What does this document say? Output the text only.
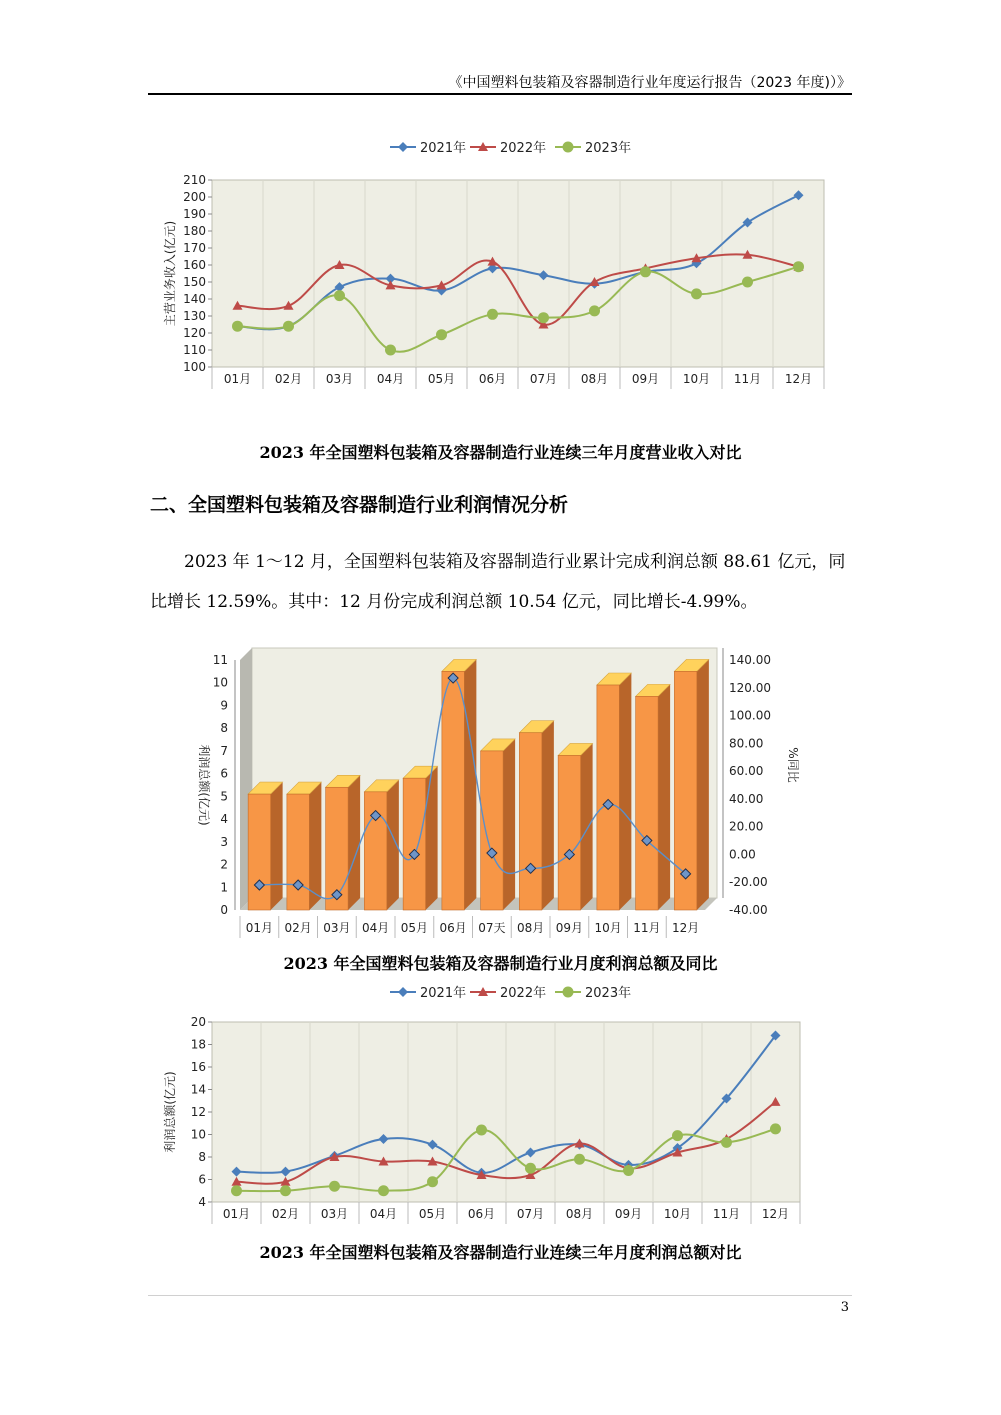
《中国塑料包装箱及容器制造行业年度运行报告（2023 年度)）》
100
110
120
130
140
150
160
170
180
190
200
210
01月 02月 03月 04月 05月 06月 07月 08月 09月 10月 11月 12月
主营业务收入(亿元)
2021年	2022年	2023年
2023 年全国塑料包装箱及容器制造行业连续三年月度营业收入对比
二、全国塑料包装箱及容器制造行业利润情况分析
2023 年 1～12 月，全国塑料包装箱及容器制造行业累计完成利润总额 88.61 亿元，同比增长 12.59%。其中：12 月份完成利润总额 10.54 亿元，同比增长-4.99%。
0
1
2
3
4
5
6
7
8
9
10
11
-40.00
-20.00
0.00
20.00
40.00
60.00
80.00
100.00
120.00
140.00
利润总额(亿元)	%同比
01月 02月 03月 04月 05月 06月 07天 08月 09月 10月 11月 12月
2023 年全国塑料包装箱及容器制造行业月度利润总额及同比
4
6
8
10
12
14
16
18
20
01月 02月 03月 04月 05月 06月 07月 08月 09月 10月 11月 12月
利润总额(亿元)
2021年	2022年	2023年
2023 年全国塑料包装箱及容器制造行业连续三年月度利润总额对比
3
